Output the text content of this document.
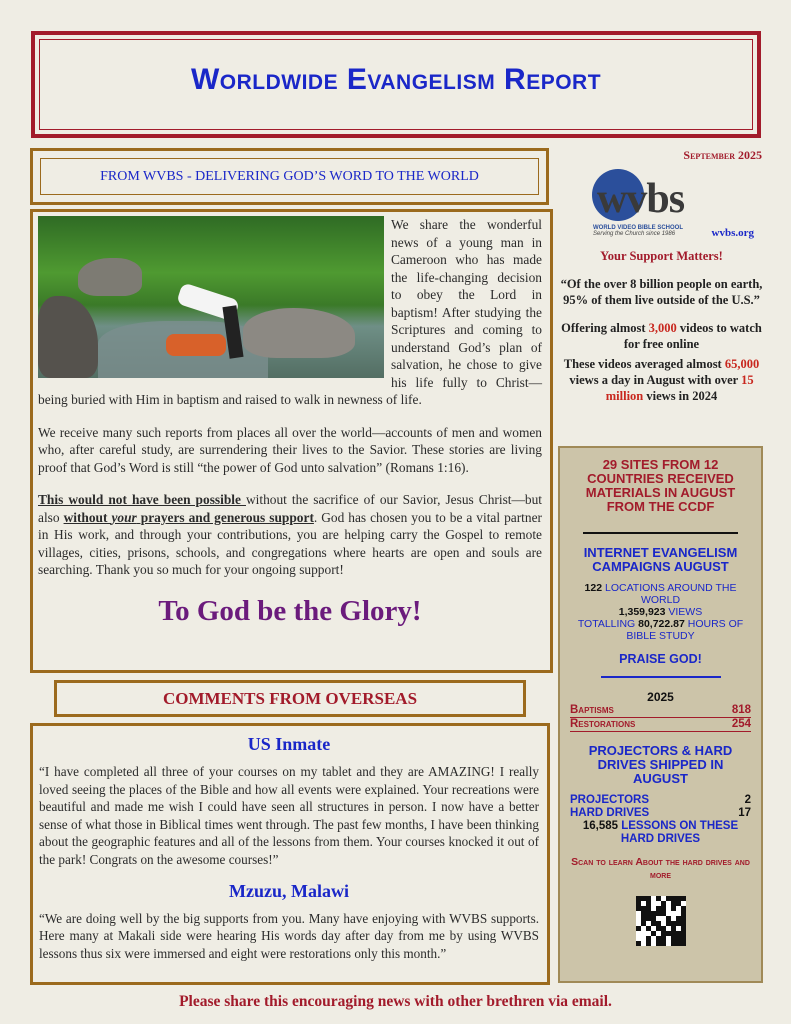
Worldwide Evangelism Report
FROM WVBS - DELIVERING GOD’S WORD TO THE WORLD

We share the wonderful news of a young man in Cameroon who has made the life-changing decision to obey the Lord in baptism! After studying the Scriptures and coming to understand God’s plan of salvation, he chose to give his life fully to Christ—being buried with Him in baptism and raised to walk in newness of life.

We receive many such reports from places all over the world—accounts of men and women who, after careful study, are surrendering their lives to the Savior. These stories are living proof that God’s Word is still “the power of God unto salvation” (Romans 1:16).

This would not have been possible without the sacrifice of our Savior, Jesus Christ—but also without your prayers and generous support. God has chosen you to be a vital partner in His work, and through your contributions, you are helping carry the Gospel to remote villages, cities, prisons, schools, and congregations where hearts are open and souls are searching. Thank you so much for your ongoing support!

To God be the Glory!
COMMENTS FROM OVERSEAS
US Inmate

“I have completed all three of your courses on my tablet and they are AMAZING! I really loved seeing the places of the Bible and how all events were explained. Your recreations were beautiful and made me wish I could have seen all structures in person. I now have a better sense of what those in Biblical times went through. The past few months, I have been thinking about the geographic features and all of the lessons from them. Your courses knocked it out of the park! Congrats on the awesome courses!”

Mzuzu, Malawi

“We are doing well by the big supports from you. Many have enjoying with WVBS supports. Here many at Makali side were hearing His words day after day from me by using WVBS lessons thus six were immersed and eight were restorations only this month.”

Please share this encouraging news with other brethren via email.
September 2025
wvbs
WORLD VIDEO BIBLE SCHOOL
Serving the Church since 1986	wvbs.org
Your Support Matters!
“Of the over 8 billion people on earth, 95% of them live outside of the U.S.”
Offering almost 3,000 videos to watch for free online
These videos averaged almost 65,000 views a day in August with over 15 million views in 2024
29 SITES FROM 12 COUNTRIES RECEIVED MATERIALS IN AUGUST FROM THE CCDF
INTERNET EVANGELISM CAMPAIGNS AUGUST
122 LOCATIONS AROUND THE WORLD
1,359,923 VIEWS
TOTALLING 80,722.87 HOURS OF BIBLE STUDY
PRAISE GOD!
2025
Baptisms	818
Restorations	254
PROJECTORS & HARD DRIVES SHIPPED IN AUGUST
PROJECTORS	2
HARD DRIVES	17
16,585 LESSONS ON THESE HARD DRIVES
Scan to learn About the hard drives and more
